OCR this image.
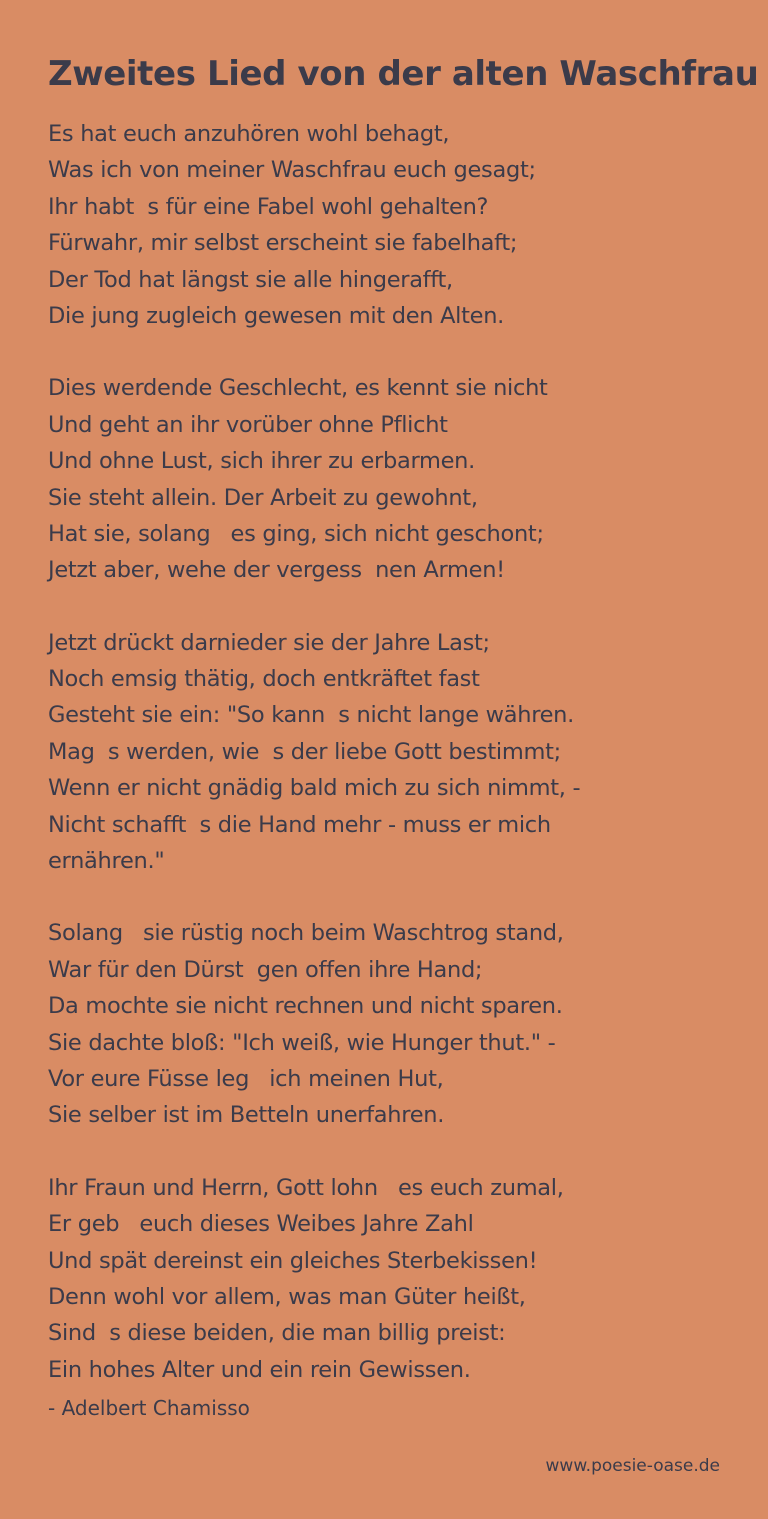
Zweites Lied von der alten Waschfrau
Es hat euch anzuhören wohl behagt,
Was ich von meiner Waschfrau euch gesagt;
Ihr habts für eine Fabel wohl gehalten?
Fürwahr, mir selbst erscheint sie fabelhaft;
Der Tod hat längst sie alle hingerafft,
Die jung zugleich gewesen mit den Alten.
Dies werdende Geschlecht, es kennt sie nicht
Und geht an ihr vorüber ohne Pflicht
Und ohne Lust, sich ihrer zu erbarmen.
Sie steht allein. Der Arbeit zu gewohnt,
Hat sie, solang es ging, sich nicht geschont;
Jetzt aber, wehe der vergessnen Armen!
Jetzt drückt darnieder sie der Jahre Last;
Noch emsig thätig, doch entkräftet fast
Gesteht sie ein: "So kanns nicht lange währen.
Mags werden, wies der liebe Gott bestimmt;
Wenn er nicht gnädig bald mich zu sich nimmt, -
Nicht schaffts die Hand mehr - muss er mich
ernähren."
Solang sie rüstig noch beim Waschtrog stand,
War für den Dürstgen offen ihre Hand;
Da mochte sie nicht rechnen und nicht sparen.
Sie dachte bloß: "Ich weiß, wie Hunger thut." -
Vor eure Füsse leg ich meinen Hut,
Sie selber ist im Betteln unerfahren.
Ihr Fraun und Herrn, Gott lohn es euch zumal,
Er geb euch dieses Weibes Jahre Zahl
Und spät dereinst ein gleiches Sterbekissen!
Denn wohl vor allem, was man Güter heißt,
Sinds diese beiden, die man billig preist:
Ein hohes Alter und ein rein Gewissen.
- Adelbert Chamisso
www.poesie-oase.de
